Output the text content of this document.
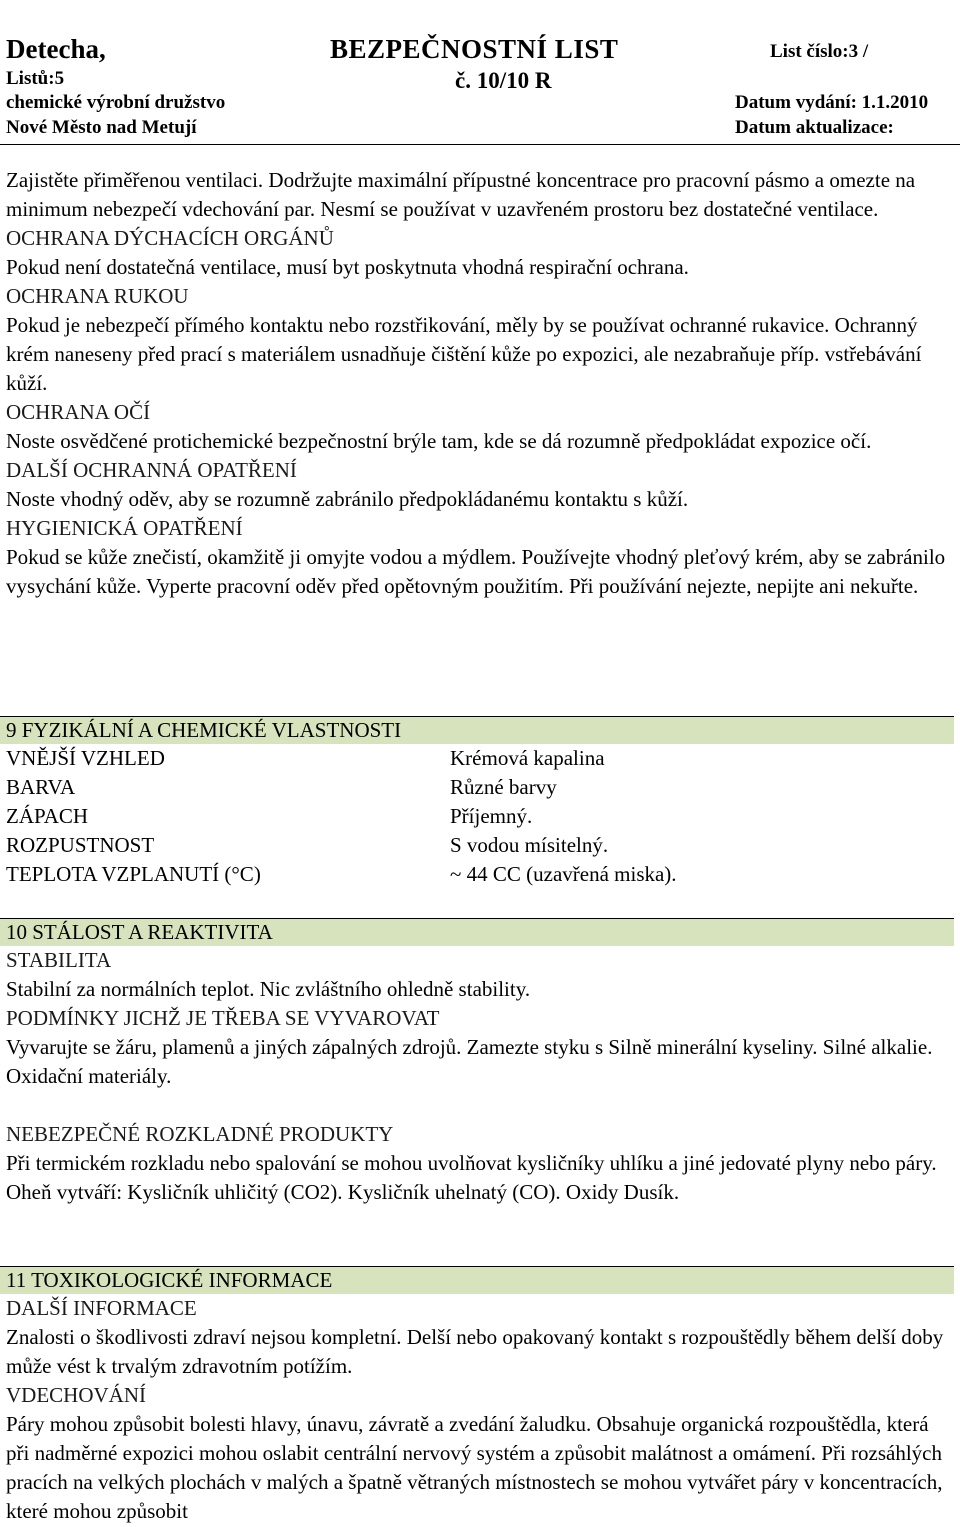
Detecha,
Listů:5
chemické výrobní družstvo
Nové Město nad Metují
BEZPEČNOSTNÍ LIST
č. 10/10 R
List číslo:3 /
Datum vydání: 1.1.2010
Datum aktualizace:

Zajistěte přiměřenou ventilaci. Dodržujte maximální přípustné koncentrace pro pracovní pásmo a omezte na minimum nebezpečí vdechování par. Nesmí se používat v uzavřeném prostoru bez dostatečné ventilace.

OCHRANA DÝCHACÍCH ORGÁNŮ

Pokud není dostatečná ventilace, musí byt poskytnuta vhodná respirační ochrana.

OCHRANA RUKOU

Pokud je nebezpečí přímého kontaktu nebo rozstřikování, měly by se používat ochranné rukavice. Ochranný krém naneseny před prací s materiálem usnadňuje čištění kůže po expozici, ale nezabraňuje příp. vstřebávání kůží.

OCHRANA OČÍ

Noste osvědčené protichemické bezpečnostní brýle tam, kde se dá rozumně předpokládat expozice očí.

DALŠÍ OCHRANNÁ OPATŘENÍ

Noste vhodný oděv, aby se rozumně zabránilo předpokládanému kontaktu s kůží.

HYGIENICKÁ OPATŘENÍ

Pokud se kůže znečistí, okamžitě ji omyjte vodou a mýdlem. Používejte vhodný pleťový krém, aby se zabránilo vysychání kůže. Vyperte pracovní oděv před opětovným použitím. Při používání nejezte, nepijte ani nekuřte.

9 FYZIKÁLNÍ A CHEMICKÉ VLASTNOSTI
VNĚJŠÍ VZHLED	Krémová kapalina
BARVA	Různé barvy
ZÁPACH	Příjemný.
ROZPUSTNOST	S vodou mísitelný.
TEPLOTA VZPLANUTÍ (°C)	~ 44 CC (uzavřená miska).
10 STÁLOST A REAKTIVITA

STABILITA

Stabilní za normálních teplot. Nic zvláštního ohledně stability.

PODMÍNKY JICHŽ JE TŘEBA SE VYVAROVAT

Vyvarujte se žáru, plamenů a jiných zápalných zdrojů. Zamezte styku s Silně minerální kyseliny. Silné alkalie. Oxidační materiály.

NEBEZPEČNÉ ROZKLADNÉ PRODUKTY

Při termickém rozkladu nebo spalování se mohou uvolňovat kysličníky uhlíku a jiné jedovaté plyny nebo páry.

Oheň vytváří: Kysličník uhličitý (CO2). Kysličník uhelnatý (CO). Oxidy Dusík.

11 TOXIKOLOGICKÉ INFORMACE

DALŠÍ INFORMACE

Znalosti o škodlivosti zdraví nejsou kompletní. Delší nebo opakovaný kontakt s rozpouštědly během delší doby může vést k trvalým zdravotním potížím.

VDECHOVÁNÍ

Páry mohou způsobit bolesti hlavy, únavu, závratě a zvedání žaludku. Obsahuje organická rozpouštědla, která při nadměrné expozici mohou oslabit centrální nervový systém a způsobit malátnost a omámení. Při rozsáhlých pracích na velkých plochách v malých a špatně větraných místnostech se mohou vytvářet páry v koncentracích, které mohou způsobit
